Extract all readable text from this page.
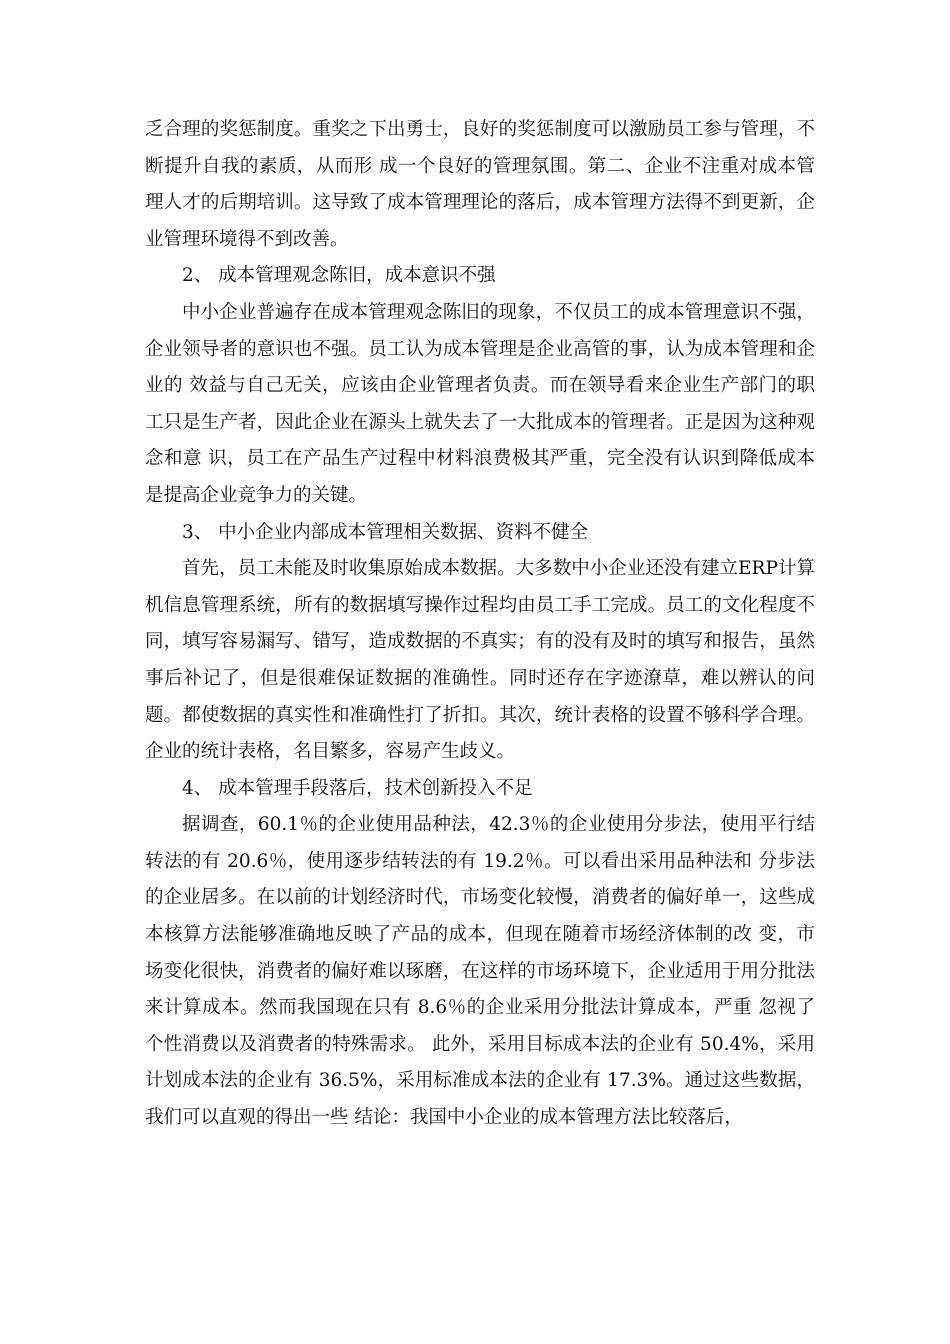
乏合理的奖惩制度。重奖之下出勇士，良好的奖惩制度可以激励员工参与管理，不断提升自我的素质，从而形 成一个良好的管理氛围。第二、企业不注重对成本管理人才的后期培训。这导致了成本管理理论的落后，成本管理方法得不到更新，企业管理环境得不到改善。

2、 成本管理观念陈旧，成本意识不强

中小企业普遍存在成本管理观念陈旧的现象，不仅员工的成本管理意识不强，企业领导者的意识也不强。员工认为成本管理是企业高管的事，认为成本管理和企业的 效益与自己无关，应该由企业管理者负责。而在领导看来企业生产部门的职工只是生产者，因此企业在源头上就失去了一大批成本的管理者。正是因为这种观念和意 识，员工在产品生产过程中材料浪费极其严重，完全没有认识到降低成本是提高企业竞争力的关键。

3、 中小企业内部成本管理相关数据、资料不健全

首先，员工未能及时收集原始成本数据。大多数中小企业还没有建立ERP计算机信息管理系统，所有的数据填写操作过程均由员工手工完成。员工的文化程度不 同，填写容易漏写、错写，造成数据的不真实；有的没有及时的填写和报告，虽然事后补记了，但是很难保证数据的准确性。同时还存在字迹潦草，难以辨认的问 题。都使数据的真实性和准确性打了折扣。其次，统计表格的设置不够科学合理。企业的统计表格，名目繁多，容易产生歧义。

4、 成本管理手段落后，技术创新投入不足

据调查，60.1％的企业使用品种法，42.3％的企业使用分步法，使用平行结转法的有 20.6％，使用逐步结转法的有 19.2％。可以看出采用品种法和 分步法的企业居多。在以前的计划经济时代，市场变化较慢，消费者的偏好单一，这些成本核算方法能够准确地反映了产品的成本，但现在随着市场经济体制的改 变，市场变化很快，消费者的偏好难以琢磨，在这样的市场环境下，企业适用于用分批法来计算成本。然而我国现在只有 8.6％的企业采用分批法计算成本，严重 忽视了个性消费以及消费者的特殊需求。 此外，采用目标成本法的企业有 50.4%，采用计划成本法的企业有 36.5%，采用标准成本法的企业有 17.3%。通过这些数据，我们可以直观的得出一些 结论：我国中小企业的成本管理方法比较落后，
